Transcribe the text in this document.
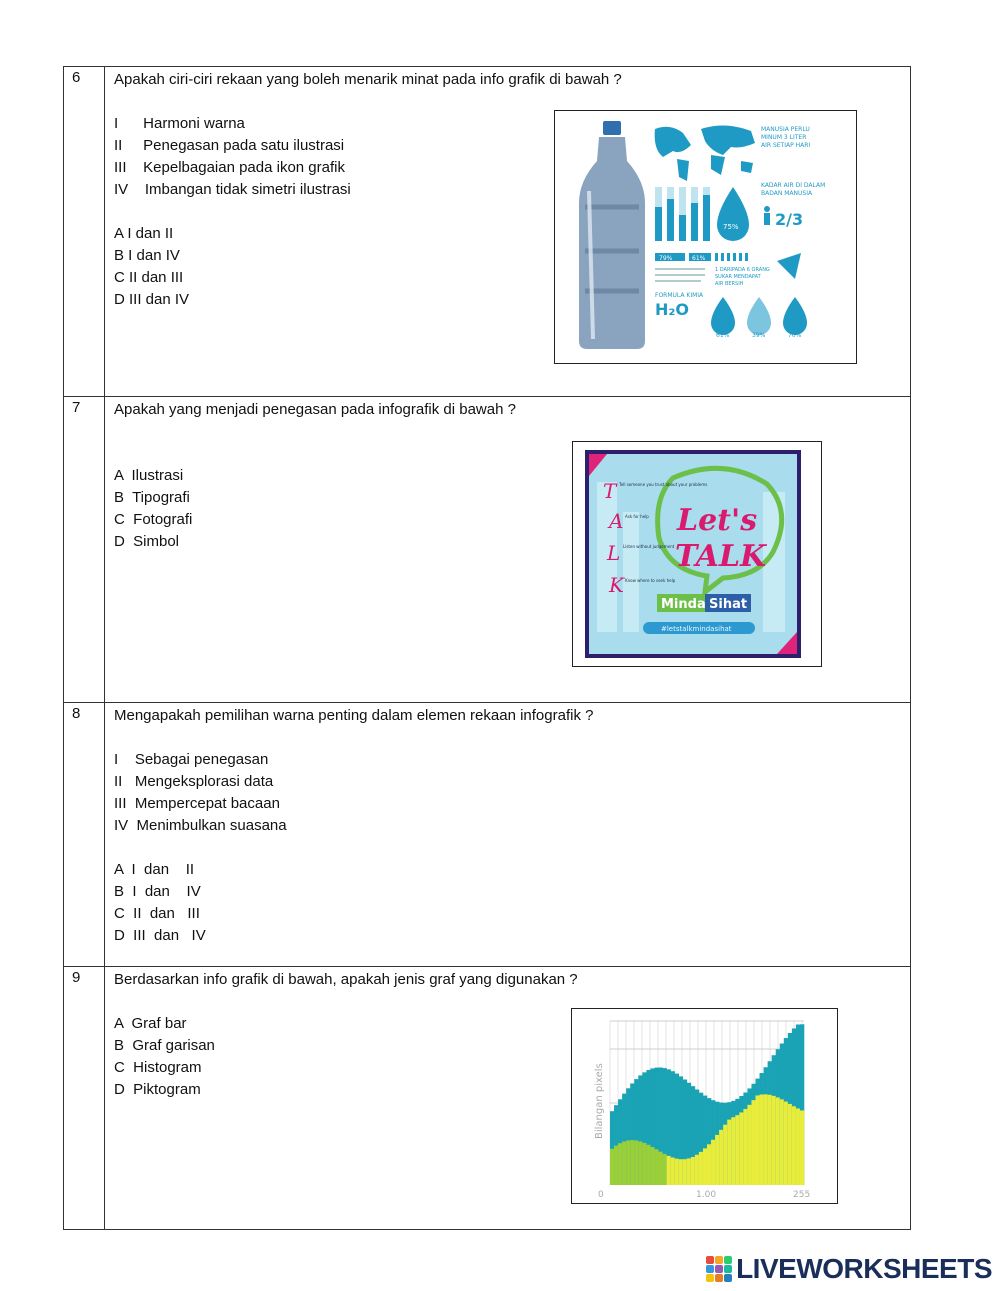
6	Apakah ciri-ciri rekaan yang boleh menarik minat pada info grafik di bawah ?
I      Harmoni warna
II     Penegasan pada satu ilustrasi
III    Kepelbagaian pada ikon grafik
IV    Imbangan tidak simetri ilustrasi
A I dan II
B I dan IV
C II dan III
D III dan IV
MANUSIA PERLU
MINUM 3 LITER
AIR SETIAP HARI
75%
KADAR AIR DI DALAM
BADAN MANUSIA
2/3
79%	61%
1 DARIPADA 6 ORANG
SUKAR MENDAPAT
AIR BERSIH
FORMULA KIMIA
H₂O
61%	39%	70%
7	Apakah yang menjadi penegasan pada infografik di bawah ?
A  Ilustrasi
B  Tipografi
C  Fotografi
D  Simbol
Let's
TALK
T
A
L
K
Tell someone you trust about your problems
Ask for help
Listen without judgement
Know where to seek help
Minda Sihat
#letstalkmindasihat
8	Mengapakah pemilihan warna penting dalam elemen rekaan infografik ?
I    Sebagai penegasan
II   Mengeksplorasi data
III  Mempercepat bacaan
IV  Menimbulkan suasana
A  I  dan    II
B  I  dan    IV
C  II  dan   III
D  III  dan   IV
9	Berdasarkan info grafik di bawah, apakah jenis graf yang digunakan ?
A  Graf bar
B  Graf garisan
C  Histogram
D  Piktogram	Bilangan pixels
0	1.00	255
LIVEWORKSHEETS
